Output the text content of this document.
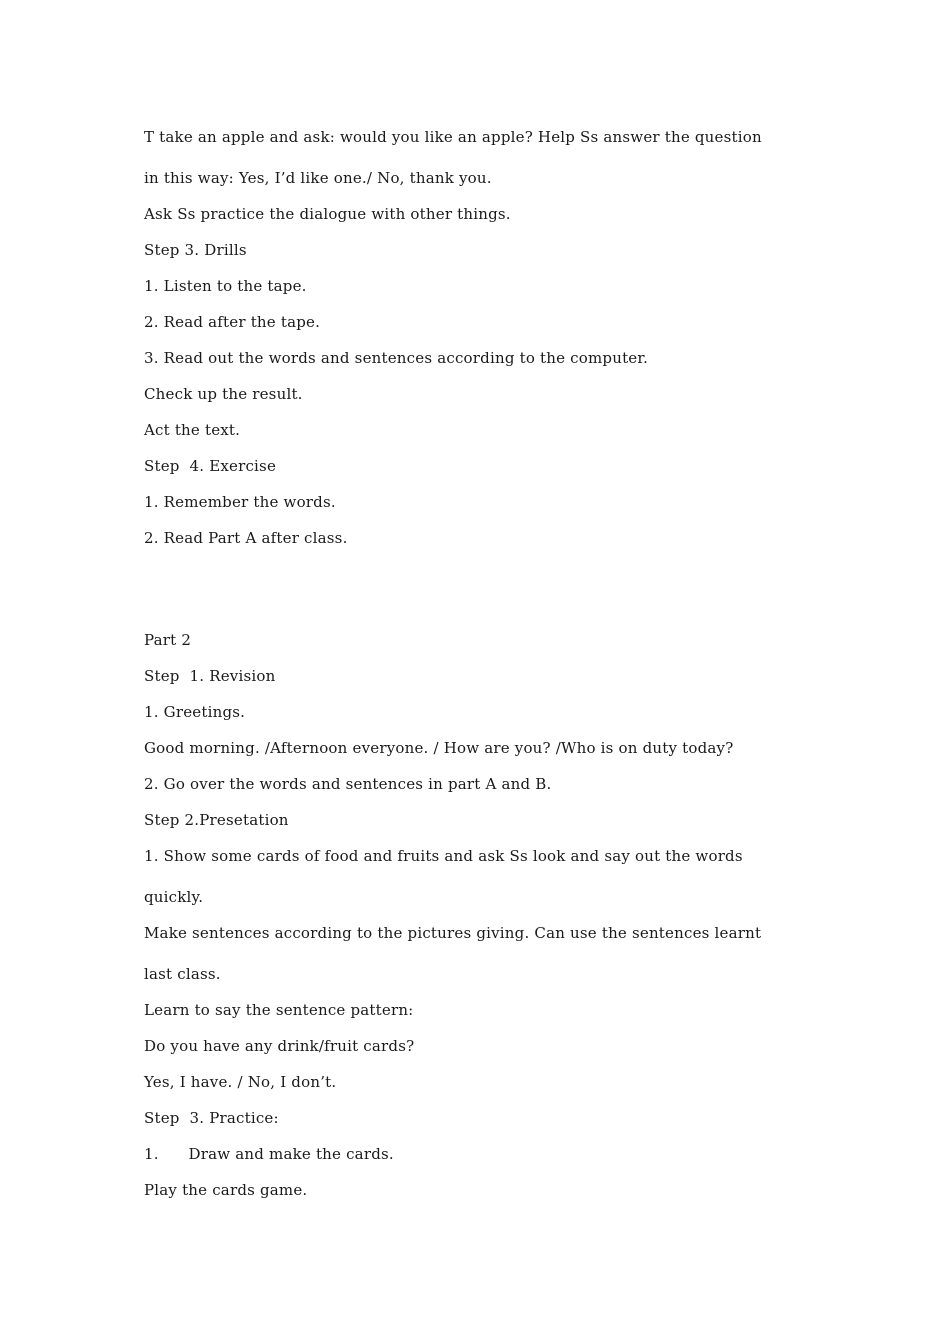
T take an apple and ask: would you like an apple? Help Ss answer the question

in this way: Yes, I’d like one./ No, thank you.

Ask Ss practice the dialogue with other things.

Step 3. Drills

1. Listen to the tape.

2. Read after the tape.

3. Read out the words and sentences according to the computer.

Check up the result.

Act the text.

Step  4. Exercise

1. Remember the words.

2. Read Part A after class.

Part 2

Step  1. Revision

1. Greetings.

Good morning. /Afternoon everyone. / How are you? /Who is on duty today?

2. Go over the words and sentences in part A and B.

Step 2.Presetation

1. Show some cards of food and fruits and ask Ss look and say out the words

quickly.

Make sentences according to the pictures giving. Can use the sentences learnt

last class.

Learn to say the sentence pattern:

Do you have any drink/fruit cards?

Yes, I have. / No, I don’t.

Step  3. Practice:

1.      Draw and make the cards.

Play the cards game.
